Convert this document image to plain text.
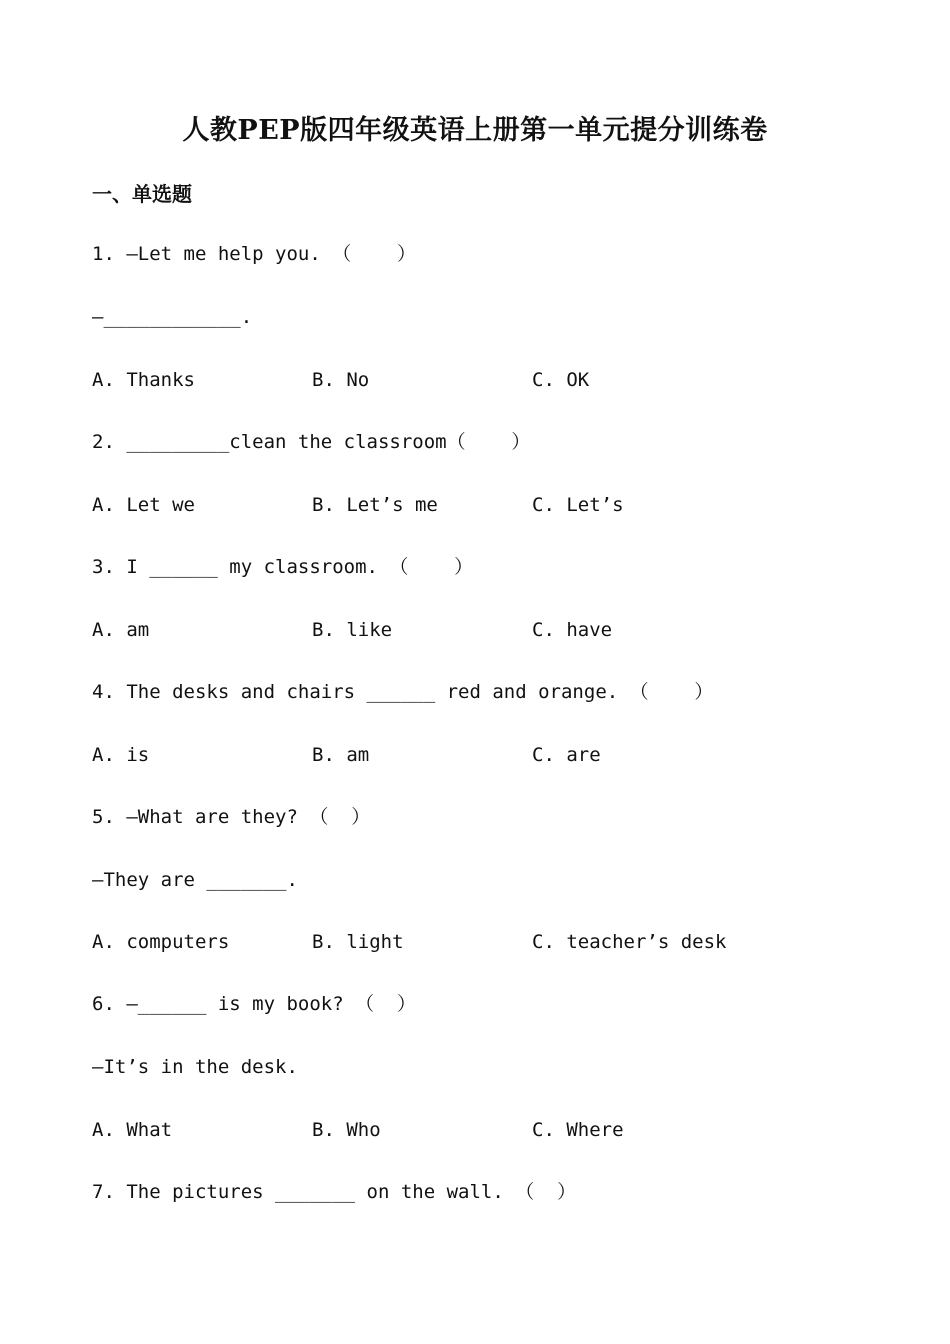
人教PEP版四年级英语上册第一单元提分训练卷
一、单选题
1. —Let me help you. （    ）
—____________.
A. Thanks	B. No	C. OK
2. _________clean the classroom（    ）
A. Let we	B. Let’s me	C. Let’s
3. I ______ my classroom. （    ）
A. am	B. like	C. have
4. The desks and chairs ______ red and orange. （    ）
A. is	B. am	C. are
5. —What are they? （  ）
—They are _______.
A. computers	B. light	C. teacher’s desk
6. —______ is my book? （  ）
—It’s in the desk.
A. What	B. Who	C. Where
7. The pictures _______ on the wall. （  ）
